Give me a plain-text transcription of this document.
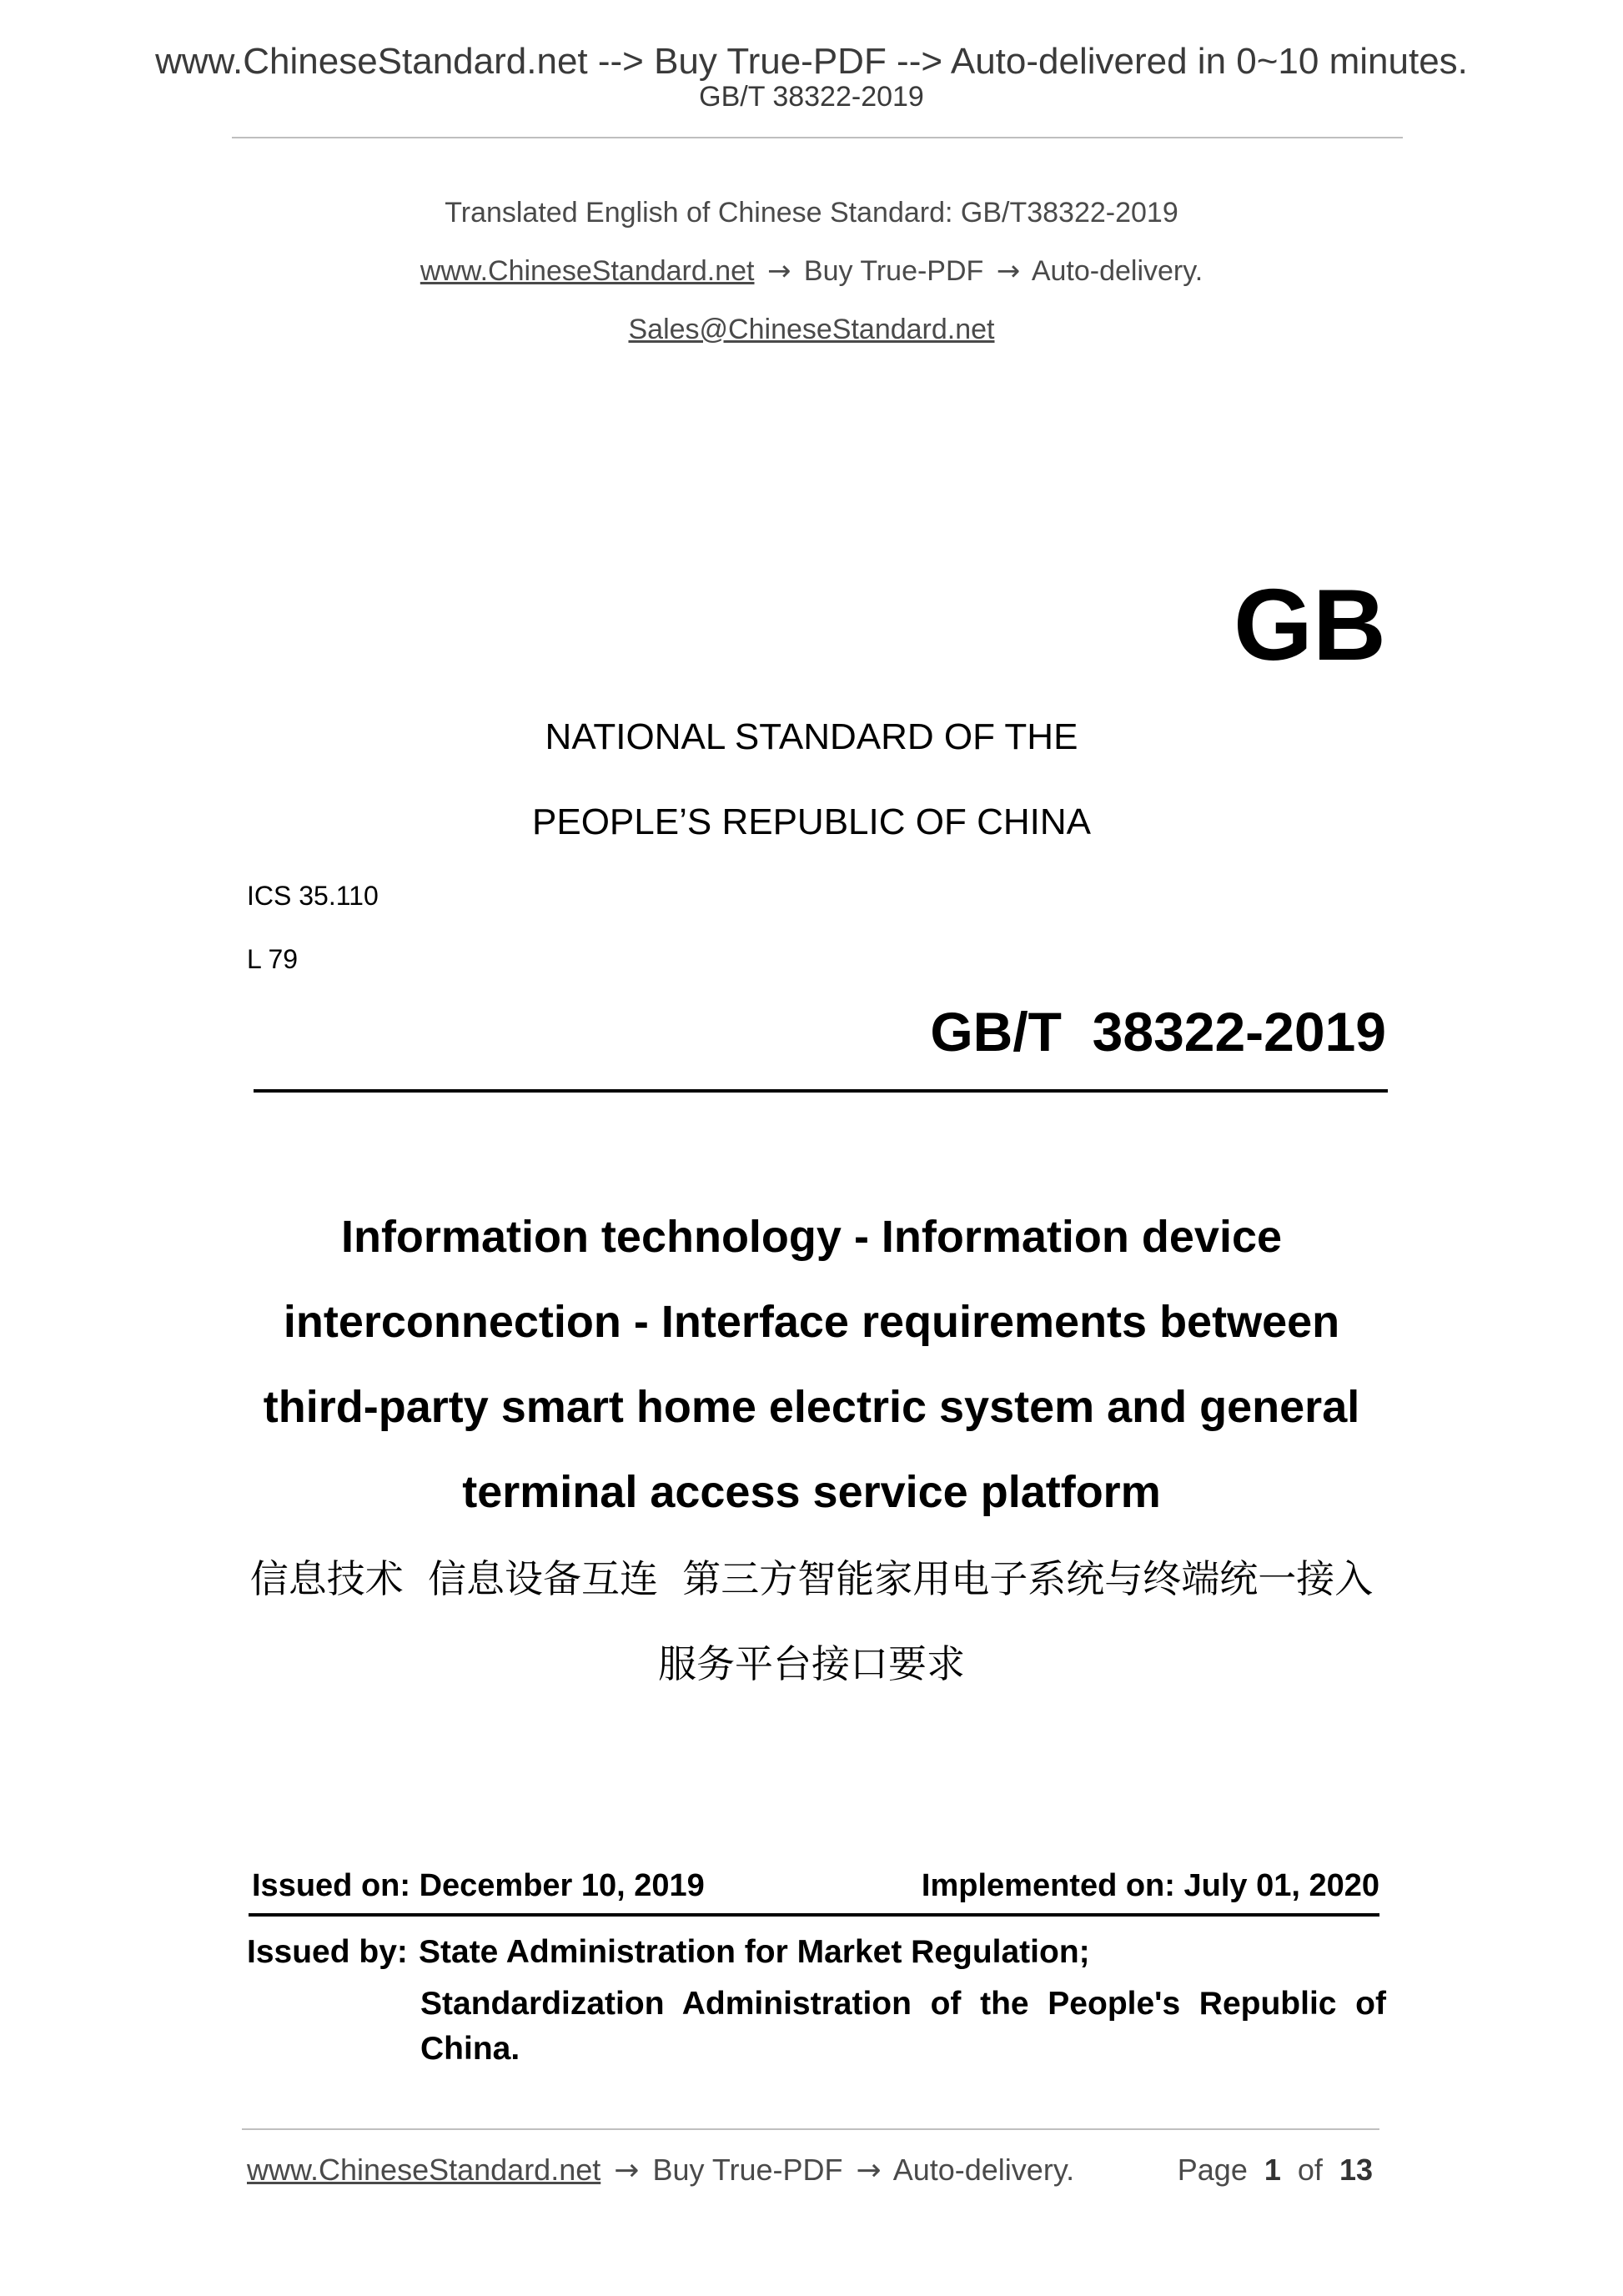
www.ChineseStandard.net --> Buy True-PDF --> Auto-delivered in 0~10 minutes.
GB/T 38322-2019
Translated English of Chinese Standard: GB/T38322-2019
www.ChineseStandard.net → Buy True-PDF → Auto-delivery.
Sales@ChineseStandard.net
GB
NATIONAL STANDARD OF THE
PEOPLE’S REPUBLIC OF CHINA
ICS 35.110
L 79
GB/T  38322-2019
Information technology - Information device
interconnection - Interface requirements between
third-party smart home electric system and general
terminal access service platform
信息技术  信息设备互连  第三方智能家用电子系统与终端统一接入
服务平台接口要求
Issued on: December 10, 2019	Implemented on: July 01, 2020
Issued by: State Administration for Market Regulation;
Standardization Administration of the People's Republic of
China.
www.ChineseStandard.net → Buy True-PDF → Auto-delivery.	Page 1 of 13
